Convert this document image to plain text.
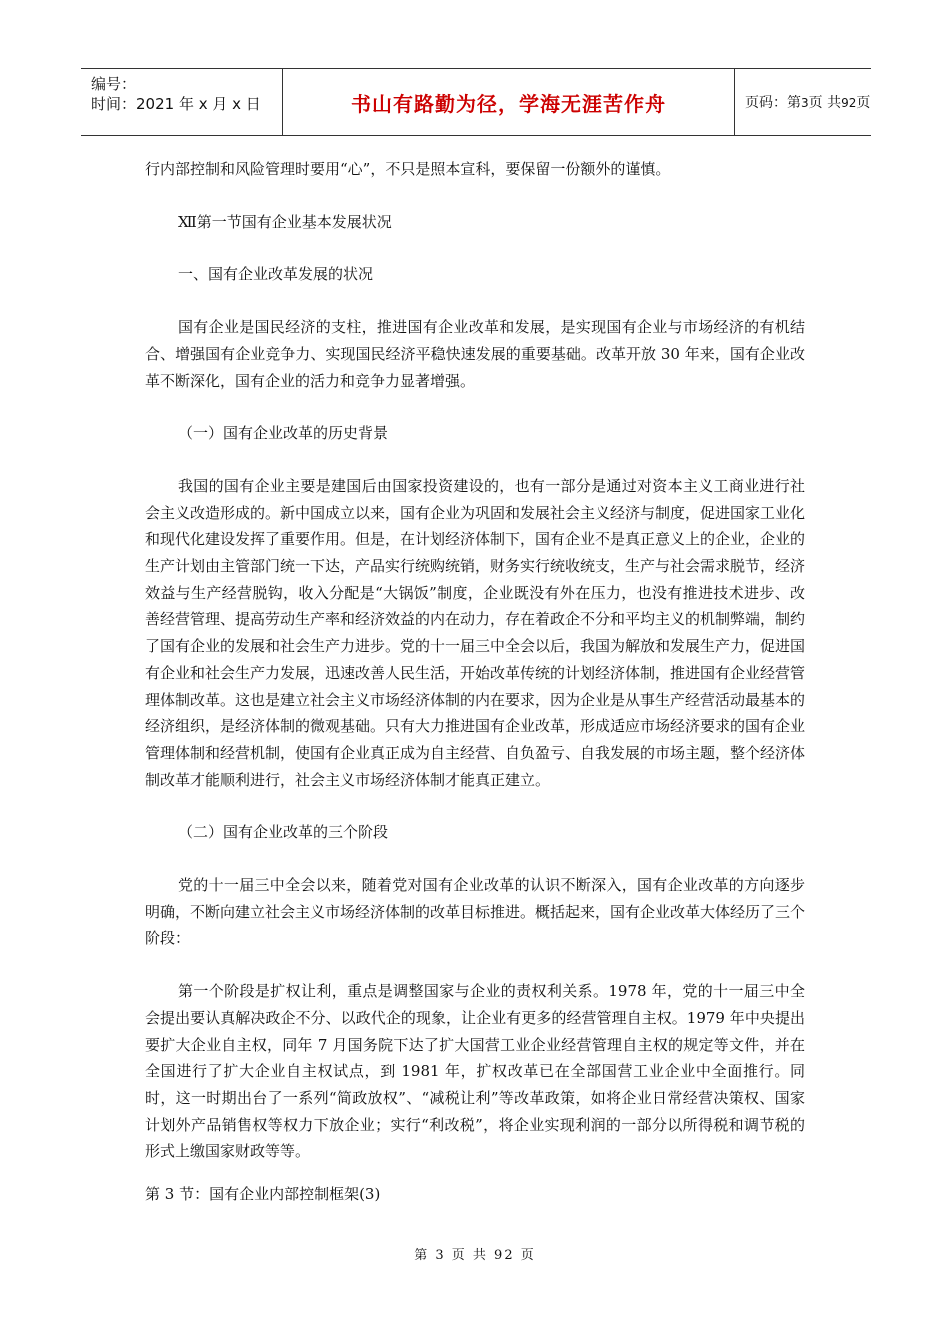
编号：
时间：2021 年 x 月 x 日	书山有路勤为径，学海无涯苦作舟	页码：第3页 共92页

行内部控制和风险管理时要用“心”，不只是照本宣科，要保留一份额外的谨慎。

Ⅻ第一节国有企业基本发展状况

一、国有企业改革发展的状况

国有企业是国民经济的支柱，推进国有企业改革和发展，是实现国有企业与市场经济的有机结合、增强国有企业竞争力、实现国民经济平稳快速发展的重要基础。改革开放 30 年来，国有企业改革不断深化，国有企业的活力和竞争力显著增强。

（一）国有企业改革的历史背景

我国的国有企业主要是建国后由国家投资建设的，也有一部分是通过对资本主义工商业进行社会主义改造形成的。新中国成立以来，国有企业为巩固和发展社会主义经济与制度，促进国家工业化和现代化建设发挥了重要作用。但是，在计划经济体制下，国有企业不是真正意义上的企业，企业的生产计划由主管部门统一下达，产品实行统购统销，财务实行统收统支，生产与社会需求脱节，经济效益与生产经营脱钩，收入分配是“大锅饭”制度，企业既没有外在压力，也没有推进技术进步、改善经营管理、提高劳动生产率和经济效益的内在动力，存在着政企不分和平均主义的机制弊端，制约了国有企业的发展和社会生产力进步。党的十一届三中全会以后，我国为解放和发展生产力，促进国有企业和社会生产力发展，迅速改善人民生活，开始改革传统的计划经济体制，推进国有企业经营管理体制改革。这也是建立社会主义市场经济体制的内在要求，因为企业是从事生产经营活动最基本的经济组织，是经济体制的微观基础。只有大力推进国有企业改革，形成适应市场经济要求的国有企业管理体制和经营机制，使国有企业真正成为自主经营、自负盈亏、自我发展的市场主题，整个经济体制改革才能顺利进行，社会主义市场经济体制才能真正建立。

（二）国有企业改革的三个阶段

党的十一届三中全会以来，随着党对国有企业改革的认识不断深入，国有企业改革的方向逐步明确，不断向建立社会主义市场经济体制的改革目标推进。概括起来，国有企业改革大体经历了三个阶段：

第一个阶段是扩权让利，重点是调整国家与企业的责权利关系。1978 年，党的十一届三中全会提出要认真解决政企不分、以政代企的现象，让企业有更多的经营管理自主权。1979 年中央提出要扩大企业自主权，同年 7 月国务院下达了扩大国营工业企业经营管理自主权的规定等文件，并在全国进行了扩大企业自主权试点，到 1981 年，扩权改革已在全部国营工业企业中全面推行。同时，这一时期出台了一系列“简政放权”、“减税让利”等改革政策，如将企业日常经营决策权、国家计划外产品销售权等权力下放企业；实行“利改税”，将企业实现利润的一部分以所得税和调节税的形式上缴国家财政等等。

第 3 节：国有企业内部控制框架(3)

第 3 页 共 92 页
